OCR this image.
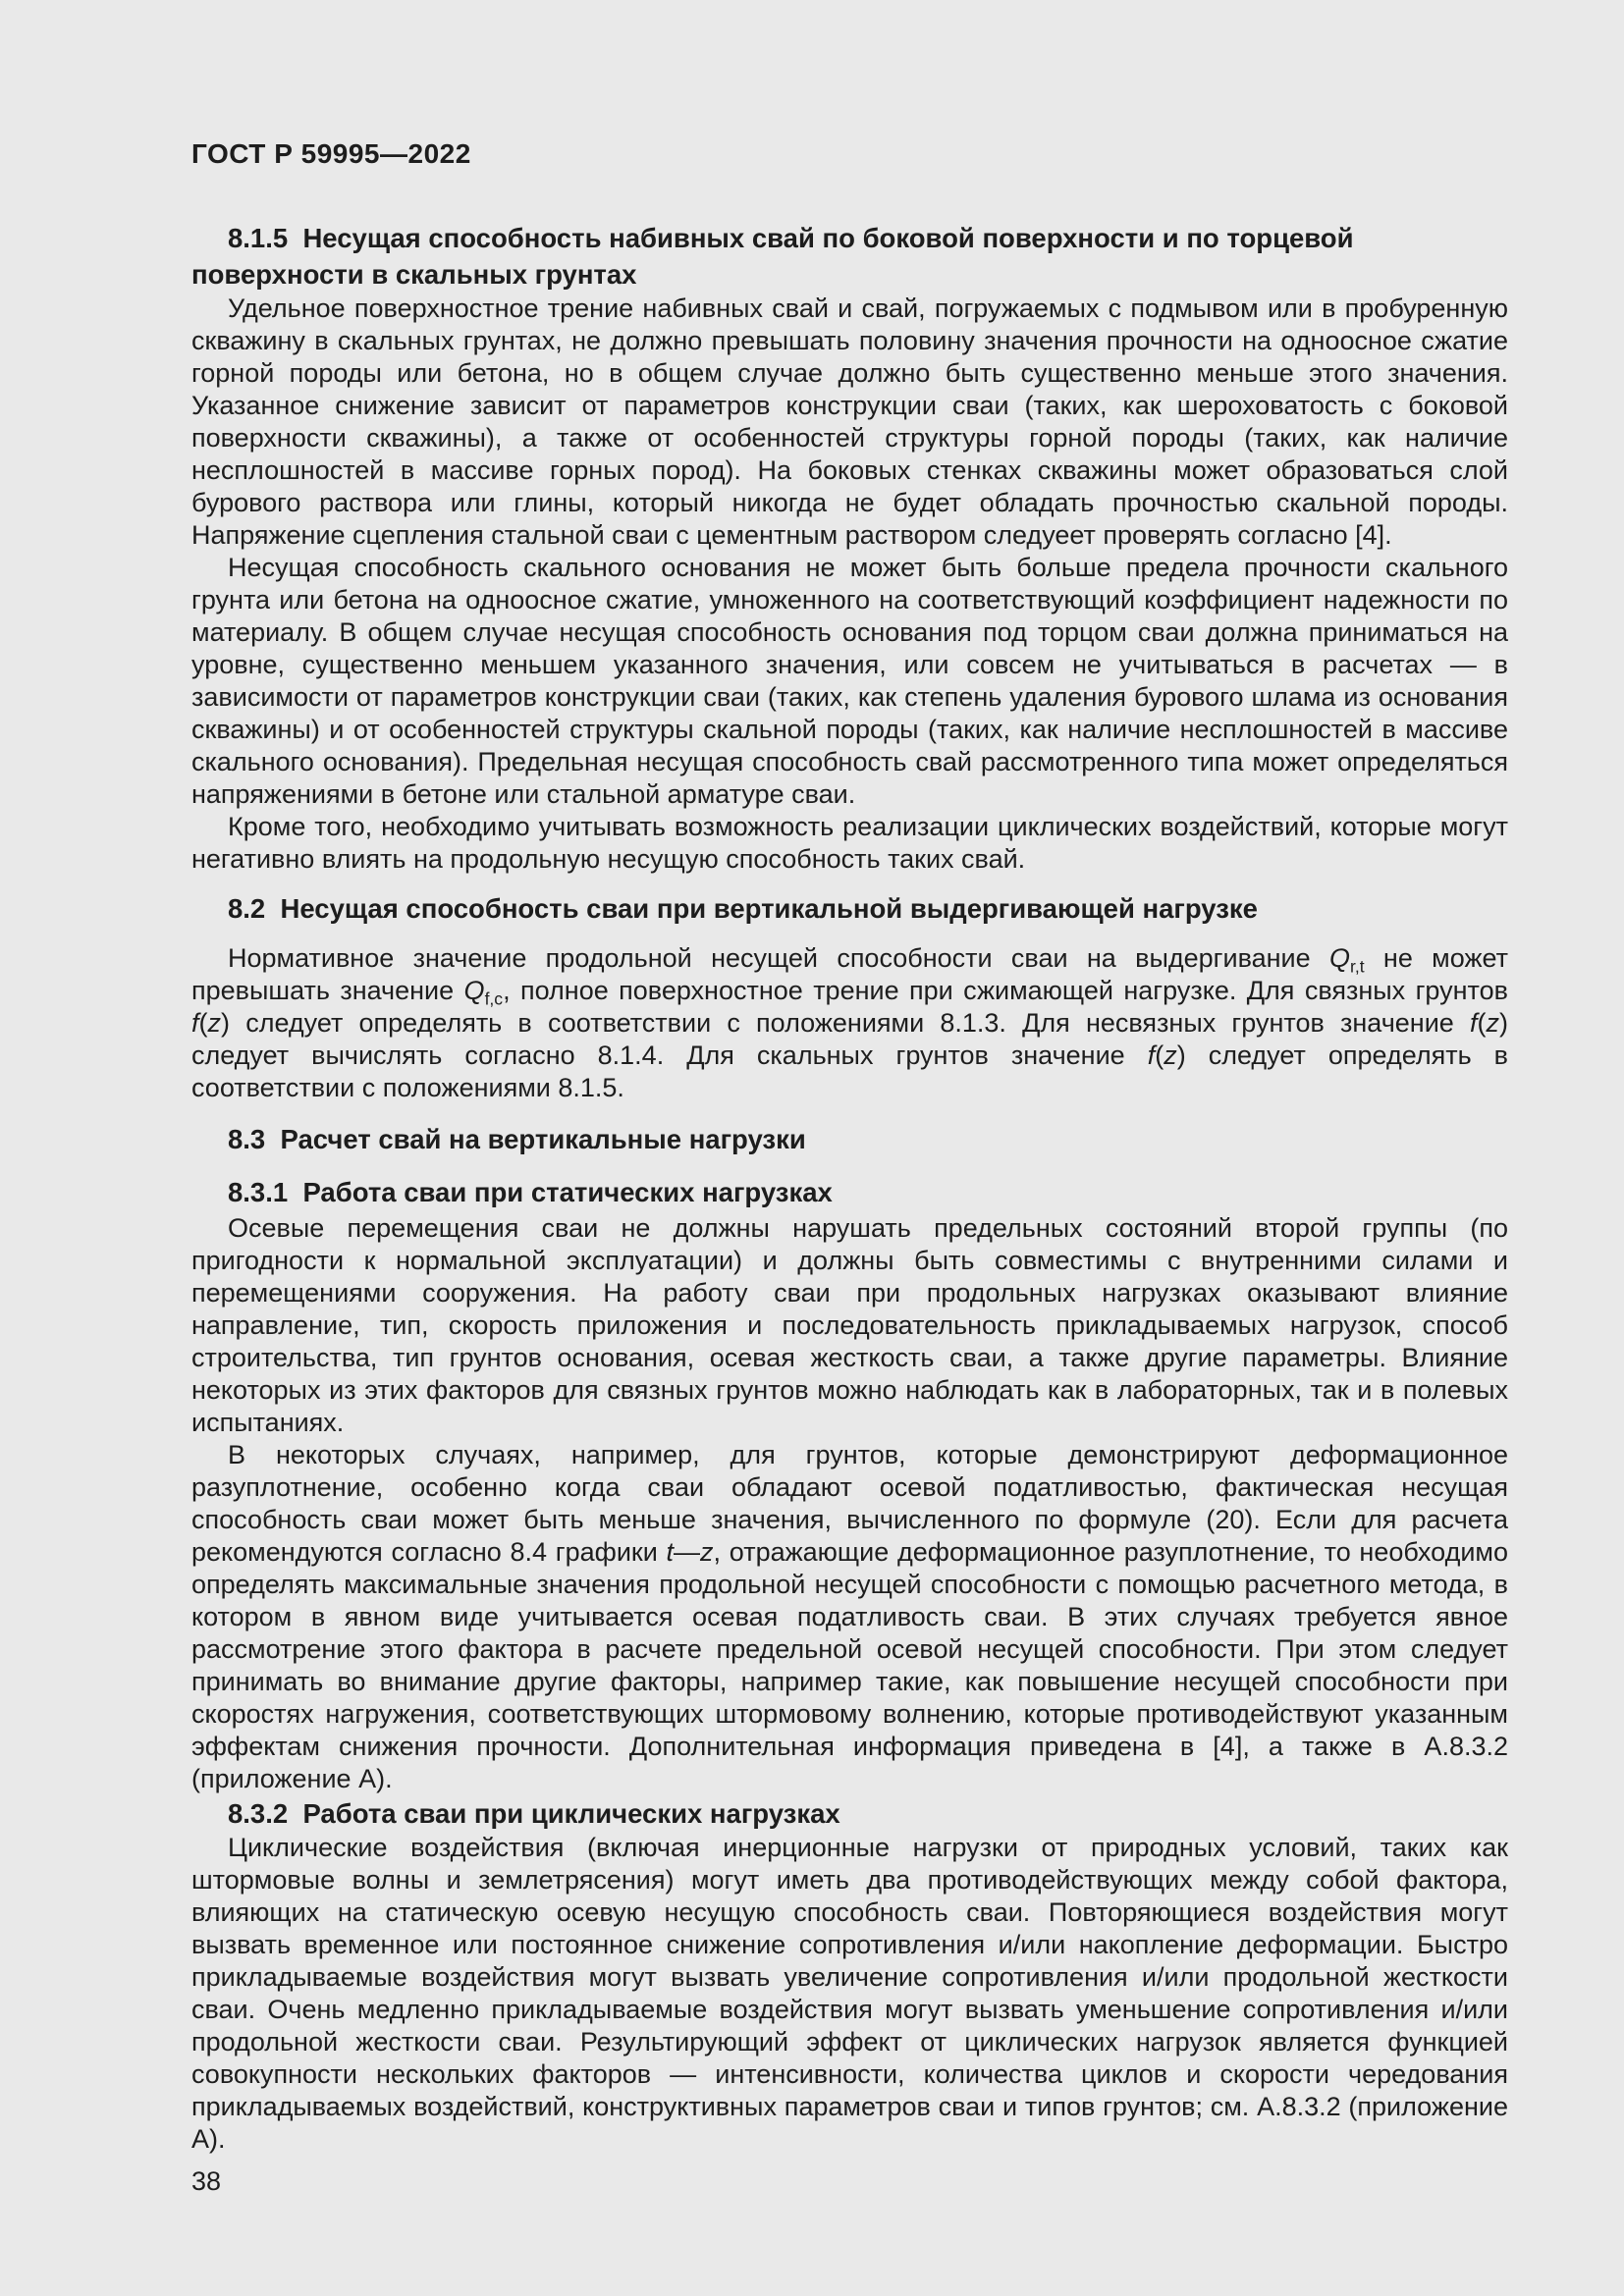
ГОСТ Р 59995—2022
8.1.5  Несущая способность набивных свай по боковой поверхности и по торцевой поверхности в скальных грунтах

Удельное поверхностное трение набивных свай и свай, погружаемых с подмывом или в пробуренную скважину в скальных грунтах, не должно превышать половину значения прочности на одноосное сжатие горной породы или бетона, но в общем случае должно быть существенно меньше этого значения. Указанное снижение зависит от параметров конструкции сваи (таких, как шероховатость с боковой поверхности скважины), а также от особенностей структуры горной породы (таких, как наличие несплошностей в массиве горных пород). На боковых стенках скважины может образоваться слой бурового раствора или глины, который никогда не будет обладать прочностью скальной породы. Напряжение сцепления стальной сваи с цементным раствором следуеет проверять согласно [4].

Несущая способность скального основания не может быть больше предела прочности скального грунта или бетона на одноосное сжатие, умноженного на соответствующий коэффициент надежности по материалу. В общем случае несущая способность основания под торцом сваи должна приниматься на уровне, существенно меньшем указанного значения, или совсем не учитываться в расчетах — в зависимости от параметров конструкции сваи (таких, как степень удаления бурового шлама из основания скважины) и от особенностей структуры скальной породы (таких, как наличие несплошностей в массиве скального основания). Предельная несущая способность свай рассмотренного типа может определяться напряжениями в бетоне или стальной арматуре сваи.

Кроме того, необходимо учитывать возможность реализации циклических воздействий, которые могут негативно влиять на продольную несущую способность таких свай.

8.2  Несущая способность сваи при вертикальной выдергивающей нагрузке

Нормативное значение продольной несущей способности сваи на выдергивание $Q_{r,t}$ не может превышать значение $Q_{f,c}$, полное поверхностное трение при сжимающей нагрузке. Для связных грунтов f(z) следует определять в соответствии с положениями 8.1.3. Для несвязных грунтов значение f(z) следует вычислять согласно 8.1.4. Для скальных грунтов значение f(z) следует определять в соответствии с положениями 8.1.5.

8.3  Расчет свай на вертикальные нагрузки
8.3.1  Работа сваи при статических нагрузках

Осевые перемещения сваи не должны нарушать предельных состояний второй группы (по пригодности к нормальной эксплуатации) и должны быть совместимы с внутренними силами и перемещениями сооружения. На работу сваи при продольных нагрузках оказывают влияние направление, тип, скорость приложения и последовательность прикладываемых нагрузок, способ строительства, тип грунтов основания, осевая жесткость сваи, а также другие параметры. Влияние некоторых из этих факторов для связных грунтов можно наблюдать как в лабораторных, так и в полевых испытаниях.

В некоторых случаях, например, для грунтов, которые демонстрируют деформационное разуплотнение, особенно когда сваи обладают осевой податливостью, фактическая несущая способность сваи может быть меньше значения, вычисленного по формуле (20). Если для расчета рекомендуются согласно 8.4 графики t—z, отражающие деформационное разуплотнение, то необходимо определять максимальные значения продольной несущей способности с помощью расчетного метода, в котором в явном виде учитывается осевая податливость сваи. В этих случаях требуется явное рассмотрение этого фактора в расчете предельной осевой несущей способности. При этом следует принимать во внимание другие факторы, например такие, как повышение несущей способности при скоростях нагружения, соответствующих штормовому волнению, которые противодействуют указанным эффектам снижения прочности. Дополнительная информация приведена в [4], а также в А.8.3.2 (приложение А).

8.3.2  Работа сваи при циклических нагрузках

Циклические воздействия (включая инерционные нагрузки от природных условий, таких как штормовые волны и землетрясения) могут иметь два противодействующих между собой фактора, влияющих на статическую осевую несущую способность сваи. Повторяющиеся воздействия могут вызвать временное или постоянное снижение сопротивления и/или накопление деформации. Быстро прикладываемые воздействия могут вызвать увеличение сопротивления и/или продольной жесткости сваи. Очень медленно прикладываемые воздействия могут вызвать уменьшение сопротивления и/или продольной жесткости сваи. Результирующий эффект от циклических нагрузок является функцией совокупности нескольких факторов — интенсивности, количества циклов и скорости чередования прикладываемых воздействий, конструктивных параметров сваи и типов грунтов; см. А.8.3.2 (приложение А).

38
